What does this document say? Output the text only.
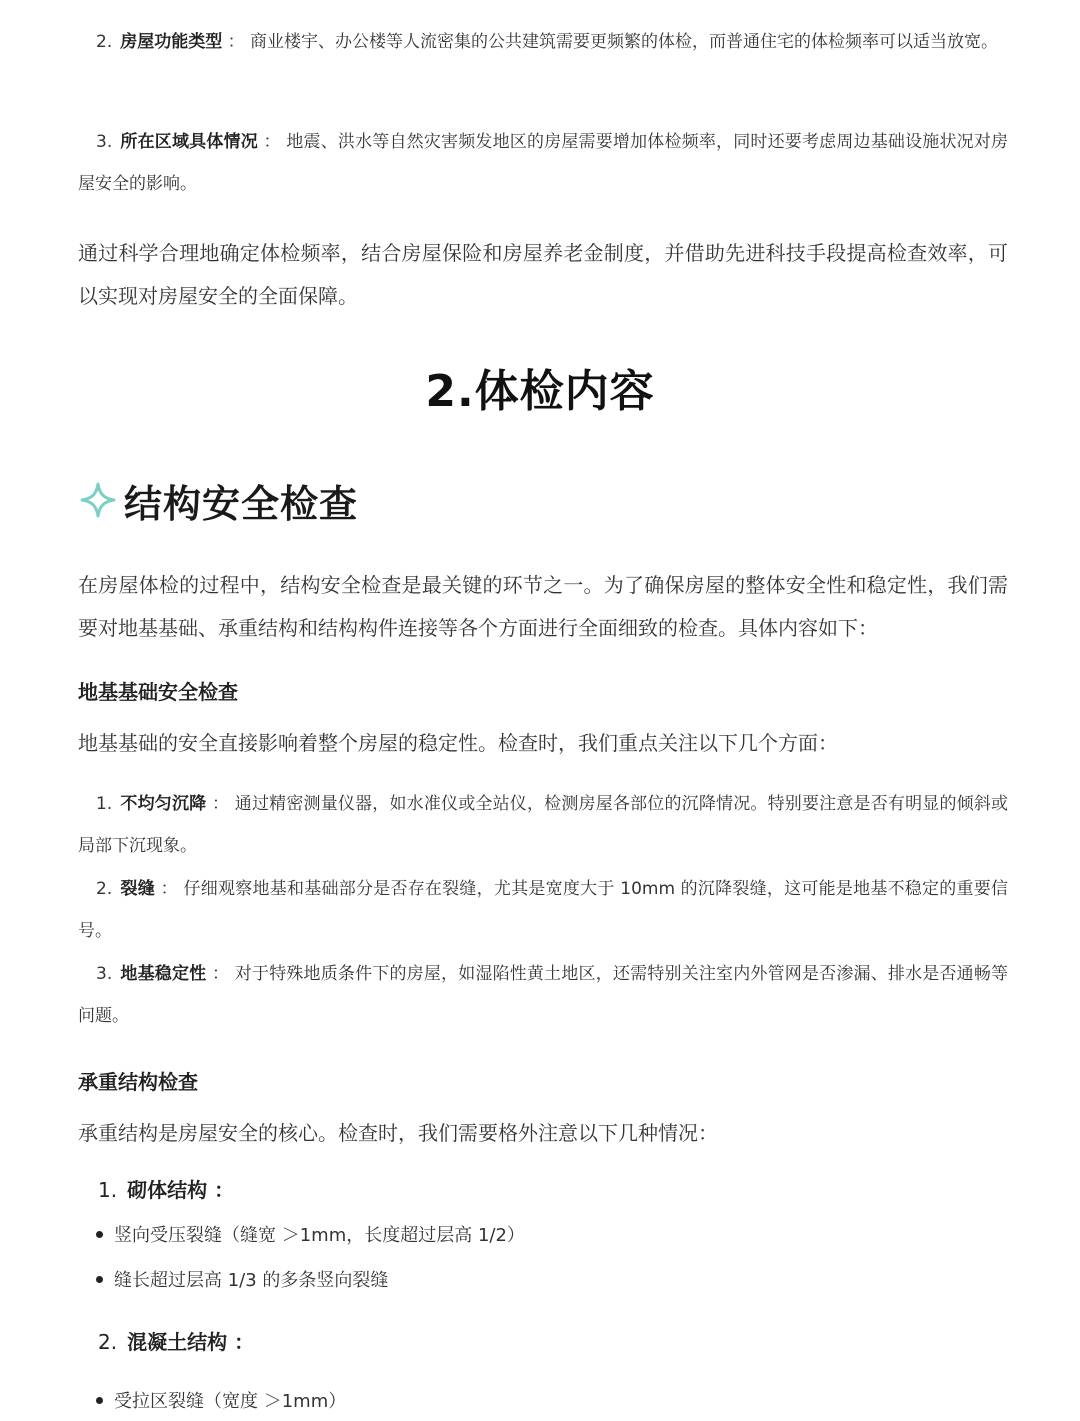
2. 房屋功能类型 ： 商业楼宇、办公楼等人流密集的公共建筑需要更频繁的体检，而普通住宅的体检频率可以适当放宽。

3. 所在区域具体情况 ： 地震、洪水等自然灾害频发地区的房屋需要增加体检频率，同时还要考虑周边基础设施状况对房屋安全的影响。

通过科学合理地确定体检频率，结合房屋保险和房屋养老金制度，并借助先进科技手段提高检查效率，可以实现对房屋安全的全面保障。

2.体检内容
结构安全检查

在房屋体检的过程中，结构安全检查是最关键的环节之一。为了确保房屋的整体安全性和稳定性，我们需要对地基基础、承重结构和结构构件连接等各个方面进行全面细致的检查。具体内容如下：

地基基础安全检查

地基基础的安全直接影响着整个房屋的稳定性。检查时，我们重点关注以下几个方面：

1. 不均匀沉降 ： 通过精密测量仪器，如水准仪或全站仪，检测房屋各部位的沉降情况。特别要注意是否有明显的倾斜或局部下沉现象。

2. 裂缝 ： 仔细观察地基和基础部分是否存在裂缝，尤其是宽度大于 10mm 的沉降裂缝，这可能是地基不稳定的重要信号。

3. 地基稳定性 ： 对于特殊地质条件下的房屋，如湿陷性黄土地区，还需特别关注室内外管网是否渗漏、排水是否通畅等问题。

承重结构检查

承重结构是房屋安全的核心。检查时，我们需要格外注意以下几种情况：

1. 砌体结构 ：
竖向受压裂缝（缝宽 ＞1mm，长度超过层高 1/2）
缝长超过层高 1/3 的多条竖向裂缝
2. 混凝土结构 ：
受拉区裂缝（宽度 ＞1mm）
